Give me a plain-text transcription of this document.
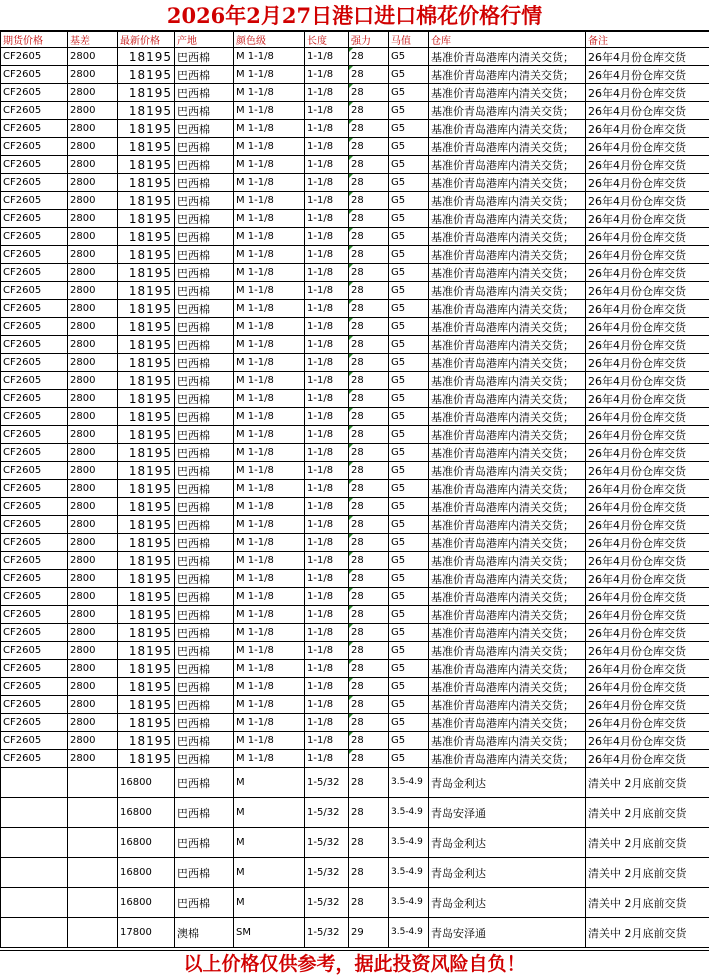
2026年2月27日港口进口棉花价格行情
期货价格	基差	最新价格	产地	颜色级	长度	强力	马值	仓库	备注
CF2605	2800	18195	巴西棉	M 1-1/8	1-1/8	28	G5	基准价青岛港库内清关交货；	26年4月份仓库交货
CF2605	2800	18195	巴西棉	M 1-1/8	1-1/8	28	G5	基准价青岛港库内清关交货；	26年4月份仓库交货
CF2605	2800	18195	巴西棉	M 1-1/8	1-1/8	28	G5	基准价青岛港库内清关交货；	26年4月份仓库交货
CF2605	2800	18195	巴西棉	M 1-1/8	1-1/8	28	G5	基准价青岛港库内清关交货；	26年4月份仓库交货
CF2605	2800	18195	巴西棉	M 1-1/8	1-1/8	28	G5	基准价青岛港库内清关交货；	26年4月份仓库交货
CF2605	2800	18195	巴西棉	M 1-1/8	1-1/8	28	G5	基准价青岛港库内清关交货；	26年4月份仓库交货
CF2605	2800	18195	巴西棉	M 1-1/8	1-1/8	28	G5	基准价青岛港库内清关交货；	26年4月份仓库交货
CF2605	2800	18195	巴西棉	M 1-1/8	1-1/8	28	G5	基准价青岛港库内清关交货；	26年4月份仓库交货
CF2605	2800	18195	巴西棉	M 1-1/8	1-1/8	28	G5	基准价青岛港库内清关交货；	26年4月份仓库交货
CF2605	2800	18195	巴西棉	M 1-1/8	1-1/8	28	G5	基准价青岛港库内清关交货；	26年4月份仓库交货
CF2605	2800	18195	巴西棉	M 1-1/8	1-1/8	28	G5	基准价青岛港库内清关交货；	26年4月份仓库交货
CF2605	2800	18195	巴西棉	M 1-1/8	1-1/8	28	G5	基准价青岛港库内清关交货；	26年4月份仓库交货
CF2605	2800	18195	巴西棉	M 1-1/8	1-1/8	28	G5	基准价青岛港库内清关交货；	26年4月份仓库交货
CF2605	2800	18195	巴西棉	M 1-1/8	1-1/8	28	G5	基准价青岛港库内清关交货；	26年4月份仓库交货
CF2605	2800	18195	巴西棉	M 1-1/8	1-1/8	28	G5	基准价青岛港库内清关交货；	26年4月份仓库交货
CF2605	2800	18195	巴西棉	M 1-1/8	1-1/8	28	G5	基准价青岛港库内清关交货；	26年4月份仓库交货
CF2605	2800	18195	巴西棉	M 1-1/8	1-1/8	28	G5	基准价青岛港库内清关交货；	26年4月份仓库交货
CF2605	2800	18195	巴西棉	M 1-1/8	1-1/8	28	G5	基准价青岛港库内清关交货；	26年4月份仓库交货
CF2605	2800	18195	巴西棉	M 1-1/8	1-1/8	28	G5	基准价青岛港库内清关交货；	26年4月份仓库交货
CF2605	2800	18195	巴西棉	M 1-1/8	1-1/8	28	G5	基准价青岛港库内清关交货；	26年4月份仓库交货
CF2605	2800	18195	巴西棉	M 1-1/8	1-1/8	28	G5	基准价青岛港库内清关交货；	26年4月份仓库交货
CF2605	2800	18195	巴西棉	M 1-1/8	1-1/8	28	G5	基准价青岛港库内清关交货；	26年4月份仓库交货
CF2605	2800	18195	巴西棉	M 1-1/8	1-1/8	28	G5	基准价青岛港库内清关交货；	26年4月份仓库交货
CF2605	2800	18195	巴西棉	M 1-1/8	1-1/8	28	G5	基准价青岛港库内清关交货；	26年4月份仓库交货
CF2605	2800	18195	巴西棉	M 1-1/8	1-1/8	28	G5	基准价青岛港库内清关交货；	26年4月份仓库交货
CF2605	2800	18195	巴西棉	M 1-1/8	1-1/8	28	G5	基准价青岛港库内清关交货；	26年4月份仓库交货
CF2605	2800	18195	巴西棉	M 1-1/8	1-1/8	28	G5	基准价青岛港库内清关交货；	26年4月份仓库交货
CF2605	2800	18195	巴西棉	M 1-1/8	1-1/8	28	G5	基准价青岛港库内清关交货；	26年4月份仓库交货
CF2605	2800	18195	巴西棉	M 1-1/8	1-1/8	28	G5	基准价青岛港库内清关交货；	26年4月份仓库交货
CF2605	2800	18195	巴西棉	M 1-1/8	1-1/8	28	G5	基准价青岛港库内清关交货；	26年4月份仓库交货
CF2605	2800	18195	巴西棉	M 1-1/8	1-1/8	28	G5	基准价青岛港库内清关交货；	26年4月份仓库交货
CF2605	2800	18195	巴西棉	M 1-1/8	1-1/8	28	G5	基准价青岛港库内清关交货；	26年4月份仓库交货
CF2605	2800	18195	巴西棉	M 1-1/8	1-1/8	28	G5	基准价青岛港库内清关交货；	26年4月份仓库交货
CF2605	2800	18195	巴西棉	M 1-1/8	1-1/8	28	G5	基准价青岛港库内清关交货；	26年4月份仓库交货
CF2605	2800	18195	巴西棉	M 1-1/8	1-1/8	28	G5	基准价青岛港库内清关交货；	26年4月份仓库交货
CF2605	2800	18195	巴西棉	M 1-1/8	1-1/8	28	G5	基准价青岛港库内清关交货；	26年4月份仓库交货
CF2605	2800	18195	巴西棉	M 1-1/8	1-1/8	28	G5	基准价青岛港库内清关交货；	26年4月份仓库交货
CF2605	2800	18195	巴西棉	M 1-1/8	1-1/8	28	G5	基准价青岛港库内清关交货；	26年4月份仓库交货
CF2605	2800	18195	巴西棉	M 1-1/8	1-1/8	28	G5	基准价青岛港库内清关交货；	26年4月份仓库交货
CF2605	2800	18195	巴西棉	M 1-1/8	1-1/8	28	G5	基准价青岛港库内清关交货；	26年4月份仓库交货
		16800	巴西棉	M	1-5/32	28	3.5-4.9	青岛金利达	清关中 2月底前交货
		16800	巴西棉	M	1-5/32	28	3.5-4.9	青岛安泽通	清关中 2月底前交货
		16800	巴西棉	M	1-5/32	28	3.5-4.9	青岛金利达	清关中 2月底前交货
		16800	巴西棉	M	1-5/32	28	3.5-4.9	青岛金利达	清关中 2月底前交货
		16800	巴西棉	M	1-5/32	28	3.5-4.9	青岛金利达	清关中 2月底前交货
		17800	澳棉	SM	1-5/32	29	3.5-4.9	青岛安泽通	清关中 2月底前交货
以上价格仅供参考，据此投资风险自负！
